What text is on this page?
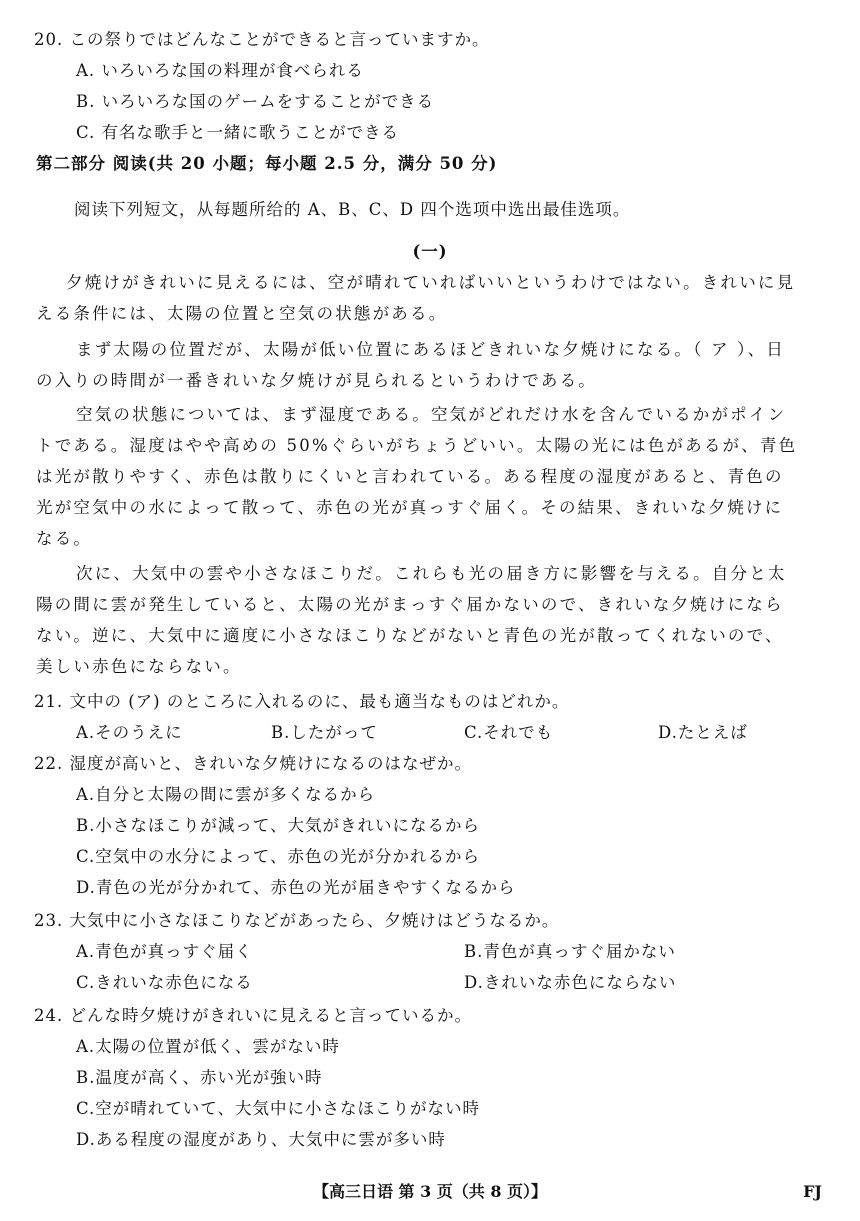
20. この祭りではどんなことができると言っていますか。
A. いろいろな国の料理が食べられる
B. いろいろな国のゲームをすることができる
C. 有名な歌手と一緒に歌うことができる
第二部分 阅读(共 20 小题；每小题 2.5 分，满分 50 分)
阅读下列短文，从每题所给的 A、B、C、D 四个选项中选出最佳选项。
(一)
夕焼けがきれいに見えるには、空が晴れていればいいというわけではない。きれいに見
える条件には、太陽の位置と空気の状態がある。
まず太陽の位置だが、太陽が低い位置にあるほどきれいな夕焼けになる。（ ア ）、日
の入りの時間が一番きれいな夕焼けが見られるというわけである。
空気の状態については、まず湿度である。空気がどれだけ水を含んでいるかがポイン
トである。湿度はやや高めの 50%ぐらいがちょうどいい。太陽の光には色があるが、青色
は光が散りやすく、赤色は散りにくいと言われている。ある程度の湿度があると、青色の
光が空気中の水によって散って、赤色の光が真っすぐ届く。その結果、きれいな夕焼けに
なる。
次に、大気中の雲や小さなほこりだ。これらも光の届き方に影響を与える。自分と太
陽の間に雲が発生していると、太陽の光がまっすぐ届かないので、きれいな夕焼けになら
ない。逆に、大気中に適度に小さなほこりなどがないと青色の光が散ってくれないので、
美しい赤色にならない。
21. 文中の (ア) のところに入れるのに、最も適当なものはどれか。
A.そのうえに	B.したがって	C.それでも	D.たとえば
22. 湿度が高いと、きれいな夕焼けになるのはなぜか。
A.自分と太陽の間に雲が多くなるから
B.小さなほこりが減って、大気がきれいになるから
C.空気中の水分によって、赤色の光が分かれるから
D.青色の光が分かれて、赤色の光が届きやすくなるから
23. 大気中に小さなほこりなどがあったら、夕焼けはどうなるか。
A.青色が真っすぐ届く	B.青色が真っすぐ届かない
C.きれいな赤色になる	D.きれいな赤色にならない
24. どんな時夕焼けがきれいに見えると言っているか。
A.太陽の位置が低く、雲がない時
B.温度が高く、赤い光が強い時
C.空が晴れていて、大気中に小さなほこりがない時
D.ある程度の湿度があり、大気中に雲が多い時
【高三日语 第 3 页（共 8 页）】	FJ
